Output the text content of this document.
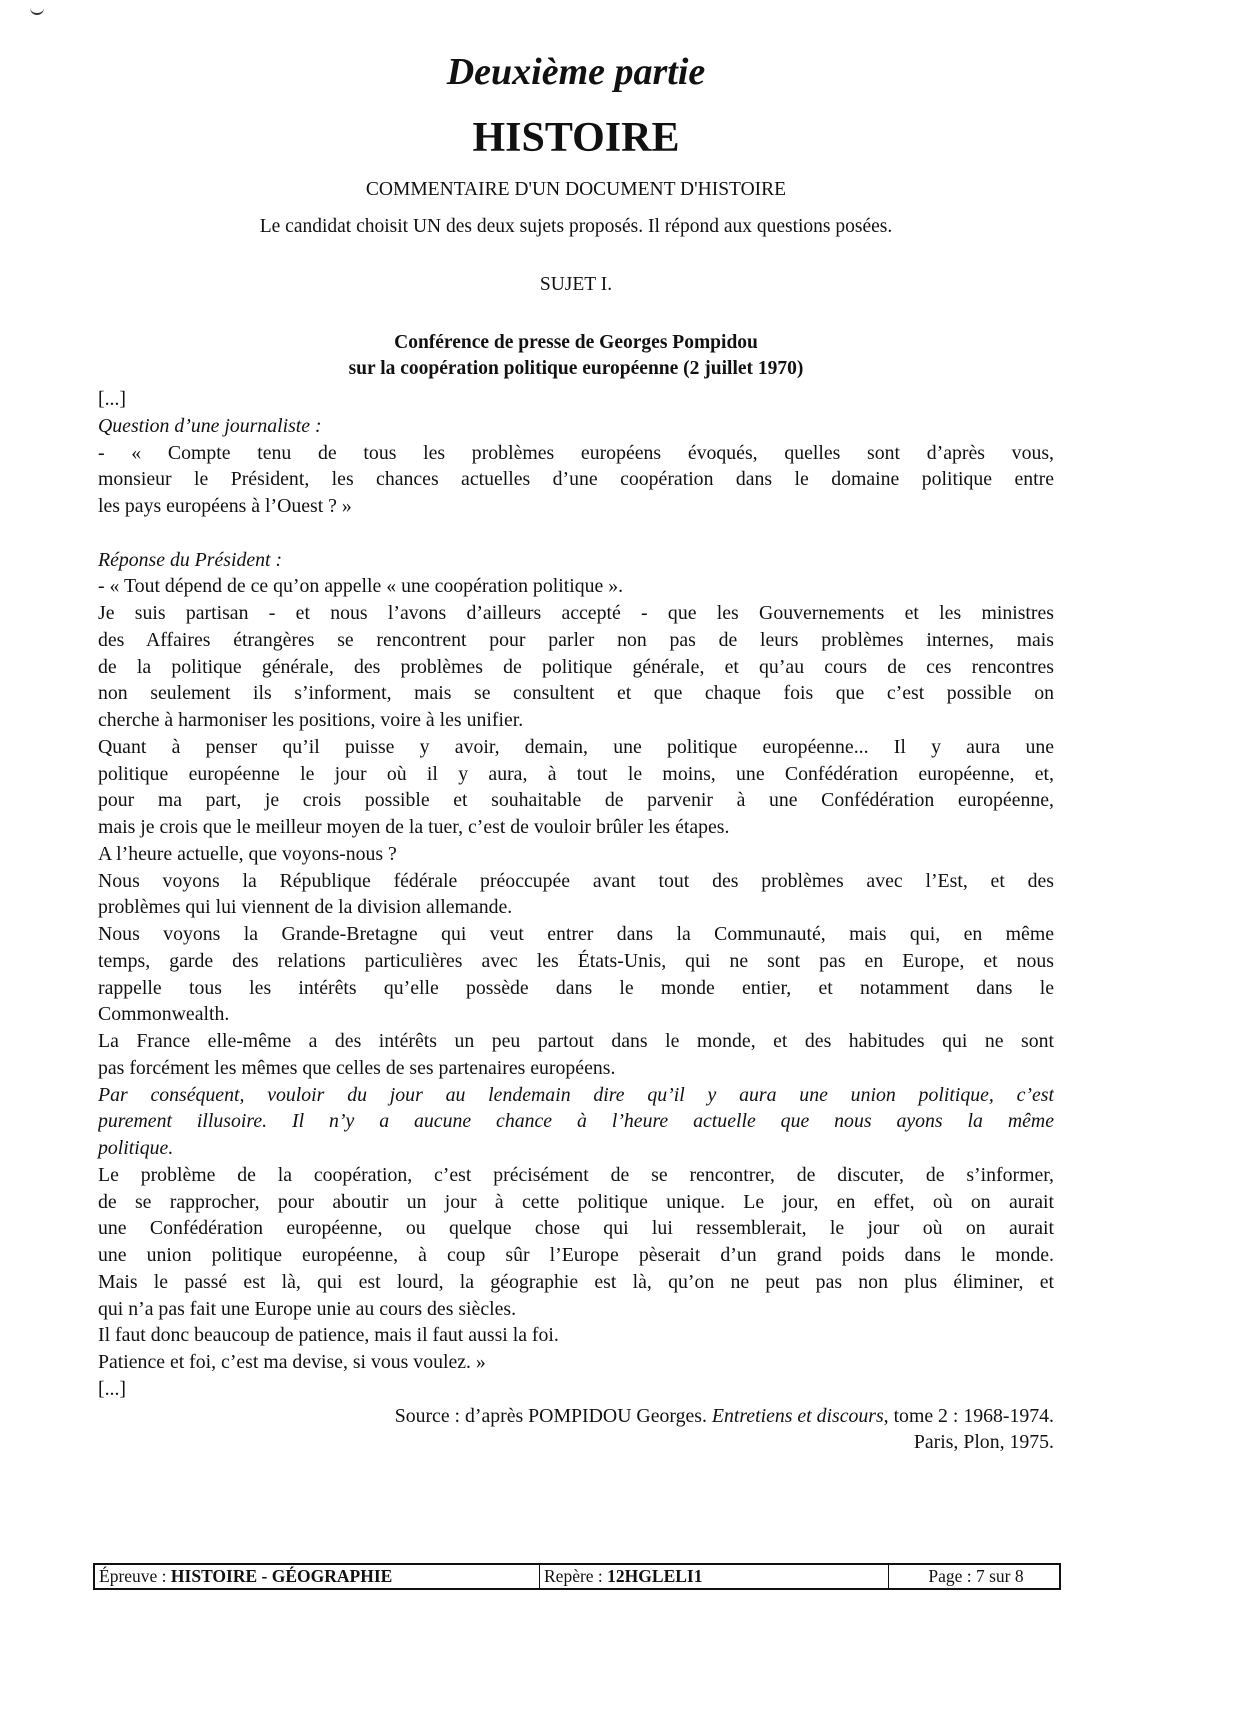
Deuxième partie
HISTOIRE
COMMENTAIRE D'UN DOCUMENT D'HISTOIRE
Le candidat choisit UN des deux sujets proposés. Il répond aux questions posées.
SUJET I.
Conférence de presse de Georges Pompidou
sur la coopération politique européenne (2 juillet 1970)
[...]
Question d’une journaliste :
- « Compte tenu de tous les problèmes européens évoqués, quelles sont d’après vous,
monsieur le Président, les chances actuelles d’une coopération dans le domaine politique entre
les pays européens à l’Ouest ? »
Réponse du Président :
- « Tout dépend de ce qu’on appelle « une coopération politique ».
Je suis partisan - et nous l’avons d’ailleurs accepté - que les Gouvernements et les ministres
des Affaires étrangères se rencontrent pour parler non pas de leurs problèmes internes, mais
de la politique générale, des problèmes de politique générale, et qu’au cours de ces rencontres
non seulement ils s’informent, mais se consultent et que chaque fois que c’est possible on
cherche à harmoniser les positions, voire à les unifier.
Quant à penser qu’il puisse y avoir, demain, une politique européenne... Il y aura une
politique européenne le jour où il y aura, à tout le moins, une Confédération européenne, et,
pour ma part, je crois possible et souhaitable de parvenir à une Confédération européenne,
mais je crois que le meilleur moyen de la tuer, c’est de vouloir brûler les étapes.
A l’heure actuelle, que voyons-nous ?
Nous voyons la République fédérale préoccupée avant tout des problèmes avec l’Est, et des
problèmes qui lui viennent de la division allemande.
Nous voyons la Grande-Bretagne qui veut entrer dans la Communauté, mais qui, en même
temps, garde des relations particulières avec les États-Unis, qui ne sont pas en Europe, et nous
rappelle tous les intérêts qu’elle possède dans le monde entier, et notamment dans le
Commonwealth.
La France elle-même a des intérêts un peu partout dans le monde, et des habitudes qui ne sont
pas forcément les mêmes que celles de ses partenaires européens.
Par conséquent, vouloir du jour au lendemain dire qu’il y aura une union politique, c’est
purement illusoire. Il n’y a aucune chance à l’heure actuelle que nous ayons la même
politique.
Le problème de la coopération, c’est précisément de se rencontrer, de discuter, de s’informer,
de se rapprocher, pour aboutir un jour à cette politique unique. Le jour, en effet, où on aurait
une Confédération européenne, ou quelque chose qui lui ressemblerait, le jour où on aurait
une union politique européenne, à coup sûr l’Europe pèserait d’un grand poids dans le monde.
Mais le passé est là, qui est lourd, la géographie est là, qu’on ne peut pas non plus éliminer, et
qui n’a pas fait une Europe unie au cours des siècles.
Il faut donc beaucoup de patience, mais il faut aussi la foi.
Patience et foi, c’est ma devise, si vous voulez. »
[...]
Source : d’après POMPIDOU Georges. Entretiens et discours, tome 2 : 1968-1974.
Paris, Plon, 1975.
Épreuve :
HISTOIRE - GÉOGRAPHIE	Repère :
12HGLELI1	Page : 7 sur 8
